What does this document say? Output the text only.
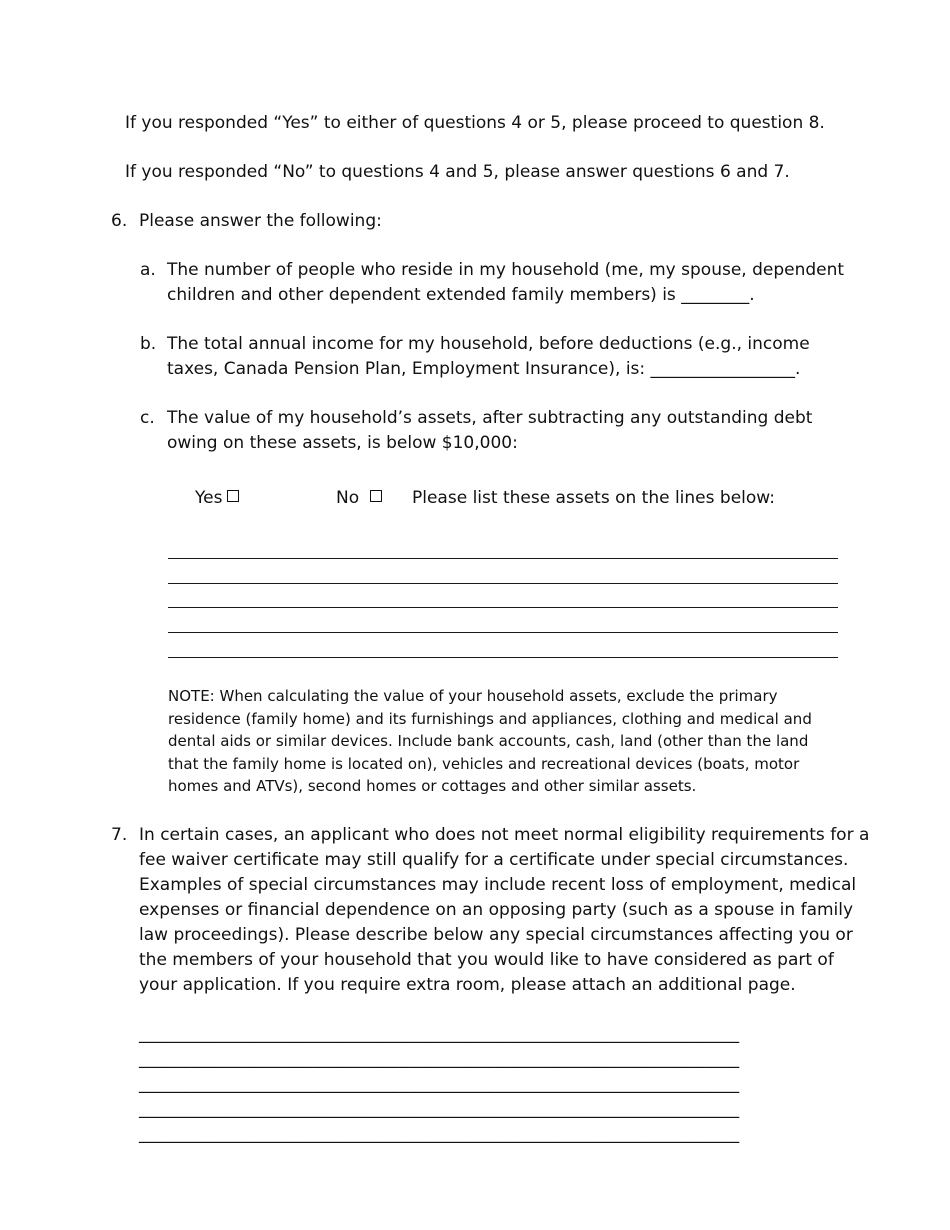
If you responded “Yes” to either of questions 4 or 5, please proceed to question 8.

If you responded “No” to questions 4 and 5, please answer questions 6 and 7.

6. Please answer the following:
a. The number of people who reside in my household (me, my spouse, dependent
children and other dependent extended family members) is ________.
b. The total annual income for my household, before deductions (e.g., income
taxes, Canada Pension Plan, Employment Insurance), is: _________________.
c. The value of my household’s assets, after subtracting any outstanding debt
owing on these assets, is below $10,000:
Yes	No	Please list these assets on the lines below:
NOTE: When calculating the value of your household assets, exclude the primary
residence (family home) and its furnishings and appliances, clothing and medical and
dental aids or similar devices. Include bank accounts, cash, land (other than the land
that the family home is located on), vehicles and recreational devices (boats, motor
homes and ATVs), second homes or cottages and other similar assets.
7. In certain cases, an applicant who does not meet normal eligibility requirements for a
fee waiver certificate may still qualify for a certificate under special circumstances.
Examples of special circumstances may include recent loss of employment, medical
expenses or financial dependence on an opposing party (such as a spouse in family
law proceedings). Please describe below any special circumstances affecting you or
the members of your household that you would like to have considered as part of
your application. If you require extra room, please attach an additional page.
_____________________________________________________________________
_____________________________________________________________________
_____________________________________________________________________
_____________________________________________________________________
_____________________________________________________________________
